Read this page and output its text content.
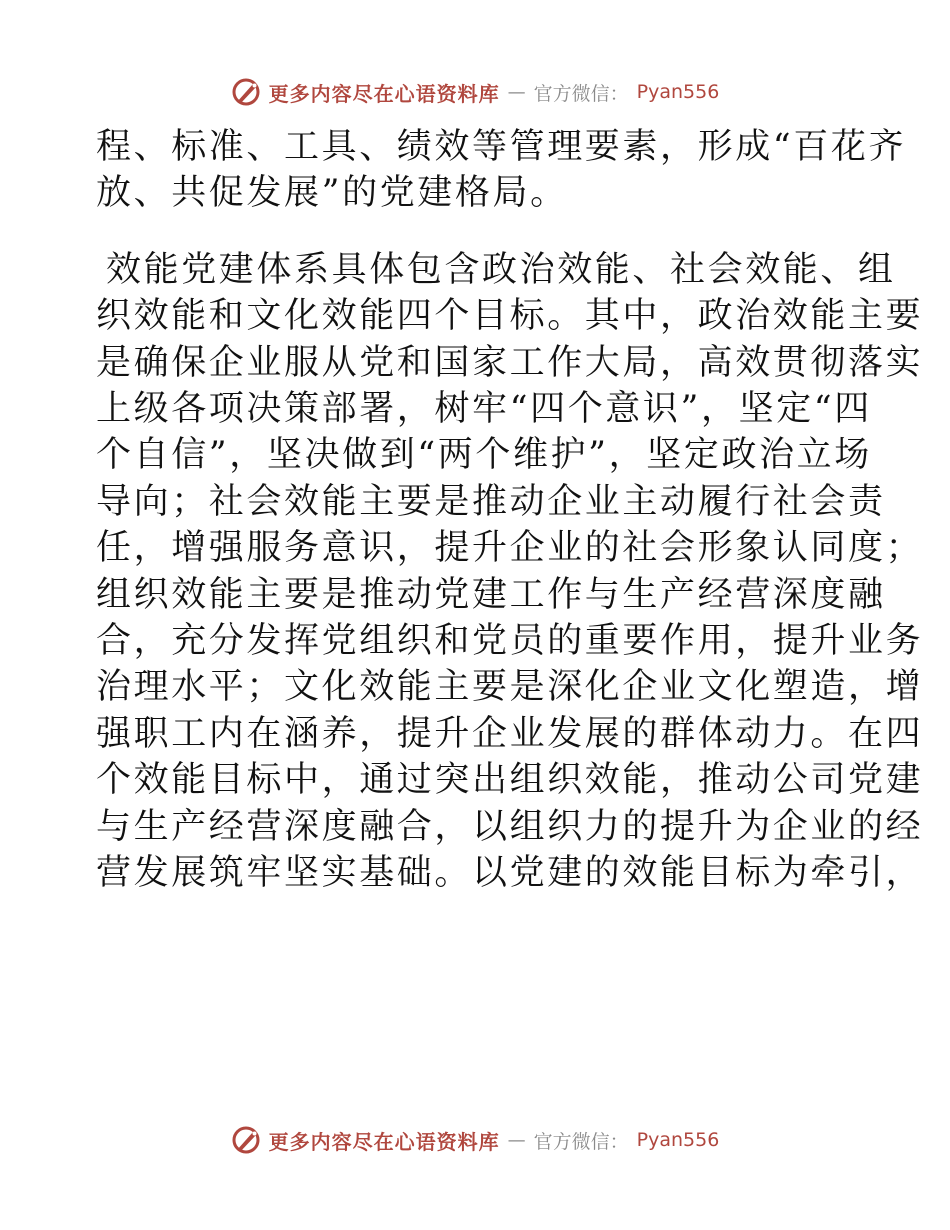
更多内容尽在心语资料库 — 官方微信： Pyan556
程、标准、工具、绩效等管理要素，形成“百花齐
放、共促发展”的党建格局。
效能党建体系具体包含政治效能、社会效能、组
织效能和文化效能四个目标。其中，政治效能主要
是确保企业服从党和国家工作大局，高效贯彻落实
上级各项决策部署，树牢“四个意识”，坚定“四
个自信”，坚决做到“两个维护”，坚定政治立场
导向；社会效能主要是推动企业主动履行社会责
任，增强服务意识，提升企业的社会形象认同度；
组织效能主要是推动党建工作与生产经营深度融
合，充分发挥党组织和党员的重要作用，提升业务
治理水平；文化效能主要是深化企业文化塑造，增
强职工内在涵养，提升企业发展的群体动力。在四
个效能目标中，通过突出组织效能，推动公司党建
与生产经营深度融合，以组织力的提升为企业的经
营发展筑牢坚实基础。以党建的效能目标为牵引，
更多内容尽在心语资料库 — 官方微信： Pyan556
